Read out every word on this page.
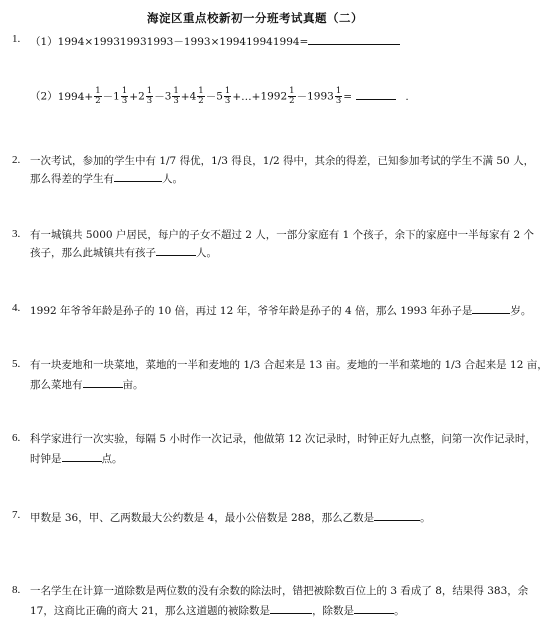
海淀区重点校新初一分班考试真题（二）
1. （1）1994×199319931993－1993×199419941994=
$(2)1994+ \frac{1}{2} -1 \frac{1}{3} +2 \frac{1}{3} -3 \frac{1}{3} +4 \frac{1}{2} -5 \frac{1}{3}$ +…+1992 $\frac{1}{2} -1993 \frac{1}{3}$ =	.
2. 一次考试，参加的学生中有 1/7 得优，1/3 得良，1/2 得中，其余的得差，已知参加考试的学生不满 50 人，
那么得差的学生有	人。
3. 有一城镇共 5000 户居民，每户的子女不超过 2 人，一部分家庭有 1 个孩子，余下的家庭中一半每家有 2 个
孩子，那么此城镇共有孩子	人。
4. 1992 年爷爷年龄是孙子的 10 倍，再过 12 年，爷爷年龄是孙子的 4 倍，那么 1993 年孙子是	岁。
5. 有一块麦地和一块菜地，菜地的一半和麦地的 1/3 合起来是 13 亩。麦地的一半和菜地的 1/3 合起来是 12 亩，
那么菜地有	亩。
6. 科学家进行一次实验，每隔 5 小时作一次记录，他做第 12 次记录时，时钟正好九点整，问第一次作记录时，
时钟是	点。
7. 甲数是 36，甲、乙两数最大公约数是 4，最小公倍数是 288，那么乙数是	。
8. 一名学生在计算一道除数是两位数的没有余数的除法时，错把被除数百位上的 3 看成了 8，结果得 383，余
17，这商比正确的商大 21，那么这道题的被除数是	，除数是	。
